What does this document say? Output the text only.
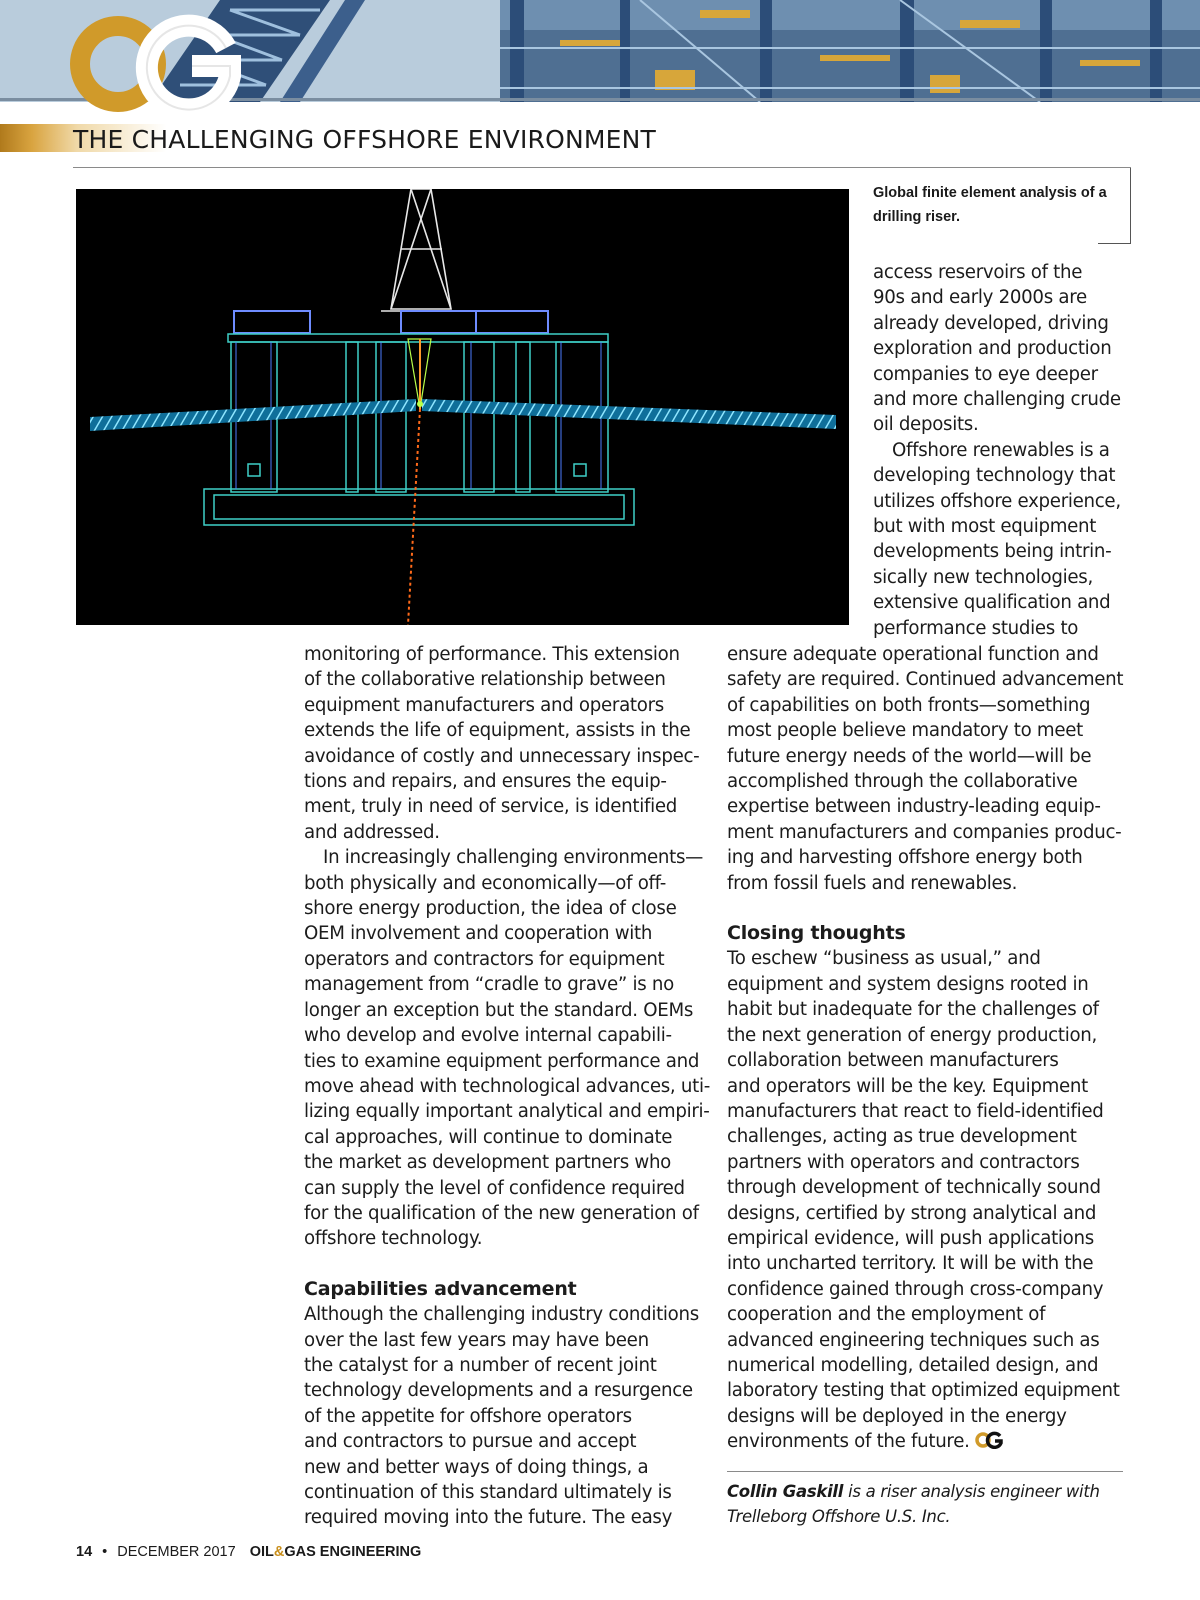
THE CHALLENGING OFFSHORE ENVIRONMENT
Global finite element analysis of a drilling riser.

access reservoirs of the
90s and early 2000s are
already developed, driving
exploration and production
companies to eye deeper
and more challenging crude
oil deposits.

Offshore renewables is a
developing technology that
utilizes offshore experience,
but with most equipment
developments being intrin-
sically new technologies,
extensive qualification and
performance studies to

monitoring of performance. This extension
of the collaborative relationship between
equipment manufacturers and operators
extends the life of equipment, assists in the
avoidance of costly and unnecessary inspec-
tions and repairs, and ensures the equip-
ment, truly in need of service, is identified
and addressed.

In increasingly challenging environments—
both physically and economically—of off-
shore energy production, the idea of close
OEM involvement and cooperation with
operators and contractors for equipment
management from “cradle to grave” is no
longer an exception but the standard. OEMs
who develop and evolve internal capabili-
ties to examine equipment performance and
move ahead with technological advances, uti-
lizing equally important analytical and empiri-
cal approaches, will continue to dominate
the market as development partners who
can supply the level of confidence required
for the qualification of the new generation of
offshore technology.

Capabilities advancement

Although the challenging industry conditions
over the last few years may have been
the catalyst for a number of recent joint
technology developments and a resurgence
of the appetite for offshore operators
and contractors to pursue and accept
new and better ways of doing things, a
continuation of this standard ultimately is
required moving into the future. The easy

ensure adequate operational function and
safety are required. Continued advancement
of capabilities on both fronts—something
most people believe mandatory to meet
future energy needs of the world—will be
accomplished through the collaborative
expertise between industry-leading equip-
ment manufacturers and companies produc-
ing and harvesting offshore energy both
from fossil fuels and renewables.

Closing thoughts

To eschew “business as usual,” and
equipment and system designs rooted in
habit but inadequate for the challenges of
the next generation of energy production,
collaboration between manufacturers
and operators will be the key. Equipment
manufacturers that react to field-identified
challenges, acting as true development
partners with operators and contractors
through development of technically sound
designs, certified by strong analytical and
empirical evidence, will push applications
into uncharted territory. It will be with the
confidence gained through cross-company
cooperation and the employment of
advanced engineering techniques such as
numerical modelling, detailed design, and
laboratory testing that optimized equipment
designs will be deployed in the energy
environments of the future.

Collin Gaskill is a riser analysis engineer with
Trelleborg Offshore U.S. Inc.
14 • DECEMBER 2017 OIL&GAS ENGINEERING
